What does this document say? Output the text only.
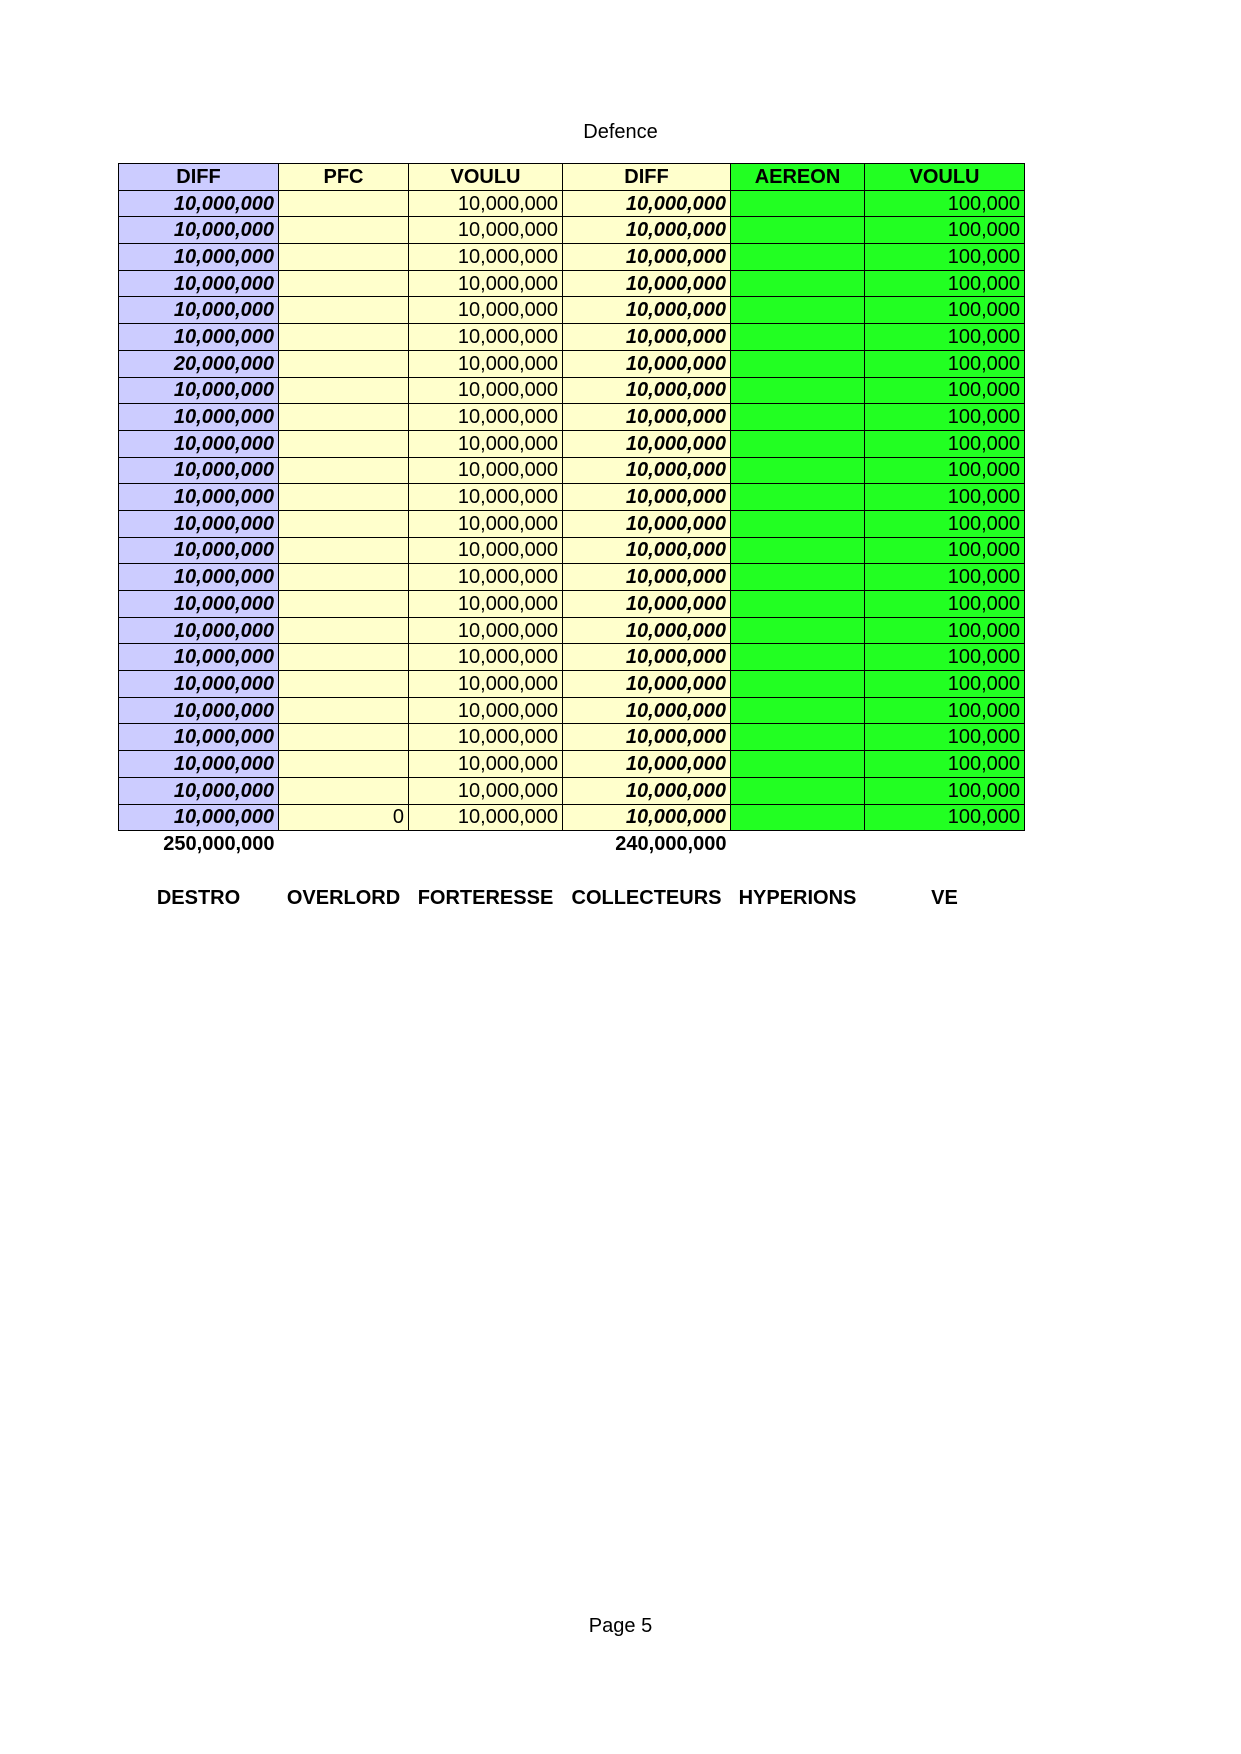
Defence
DIFF	PFC	VOULU	DIFF	AEREON	VOULU
10,000,000		10,000,000	10,000,000		100,000
10,000,000		10,000,000	10,000,000		100,000
10,000,000		10,000,000	10,000,000		100,000
10,000,000		10,000,000	10,000,000		100,000
10,000,000		10,000,000	10,000,000		100,000
10,000,000		10,000,000	10,000,000		100,000
20,000,000		10,000,000	10,000,000		100,000
10,000,000		10,000,000	10,000,000		100,000
10,000,000		10,000,000	10,000,000		100,000
10,000,000		10,000,000	10,000,000		100,000
10,000,000		10,000,000	10,000,000		100,000
10,000,000		10,000,000	10,000,000		100,000
10,000,000		10,000,000	10,000,000		100,000
10,000,000		10,000,000	10,000,000		100,000
10,000,000		10,000,000	10,000,000		100,000
10,000,000		10,000,000	10,000,000		100,000
10,000,000		10,000,000	10,000,000		100,000
10,000,000		10,000,000	10,000,000		100,000
10,000,000		10,000,000	10,000,000		100,000
10,000,000		10,000,000	10,000,000		100,000
10,000,000		10,000,000	10,000,000		100,000
10,000,000		10,000,000	10,000,000		100,000
10,000,000		10,000,000	10,000,000		100,000
10,000,000	0	10,000,000	10,000,000		100,000
250,000,000			240,000,000		

DESTRO	OVERLORD	FORTERESSE	COLLECTEURS	HYPERIONS	VE
Page 5
